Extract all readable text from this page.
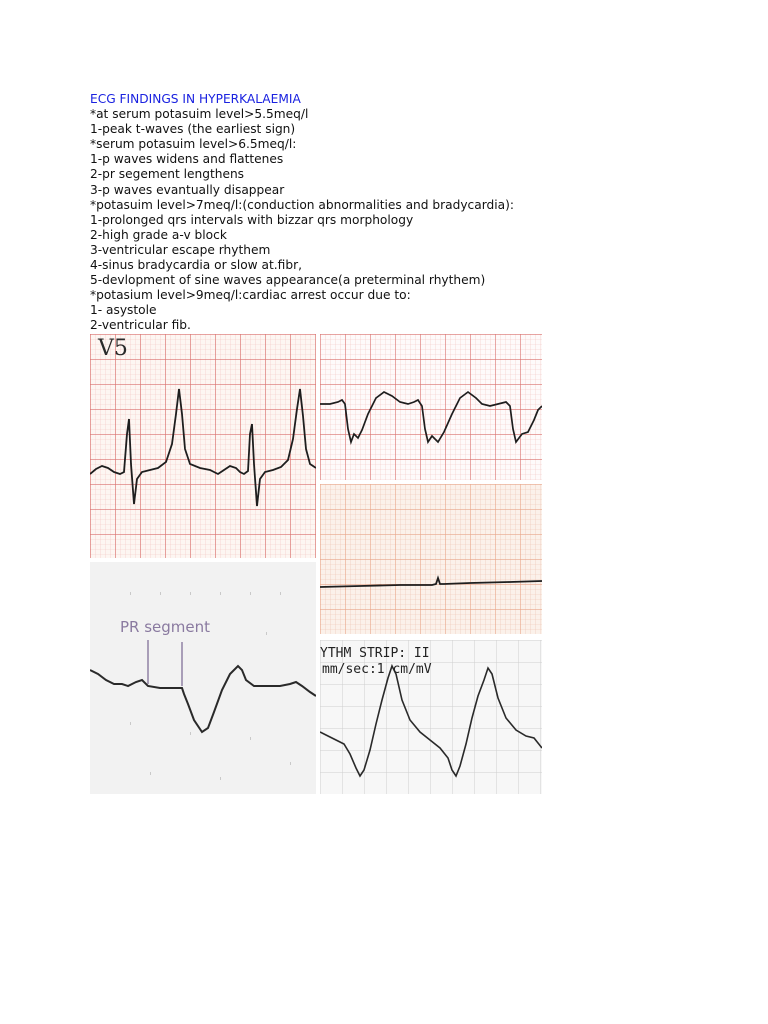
ECG FINDINGS IN HYPERKALAEMIA
*at serum potasuim level>5.5meq/l
1-peak t-waves (the earliest sign)
*serum potasuim level>6.5meq/l:
1-p waves widens and flattenes
2-pr segement lengthens
3-p waves evantually disappear
*potasuim level>7meq/l:(conduction abnormalities and bradycardia):
1-prolonged qrs intervals with bizzar qrs morphology
2-high grade a-v block
3-ventricular escape rhythem
4-sinus bradycardia or slow at.fibr,
5-devlopment of sine waves appearance(a preterminal rhythem)
*potasium level>9meq/l:cardiac arrest occur due to:
1- asystole
2-ventricular fib.
V5
PR segment
YTHM STRIP: II
mm/sec:1 cm/mV
